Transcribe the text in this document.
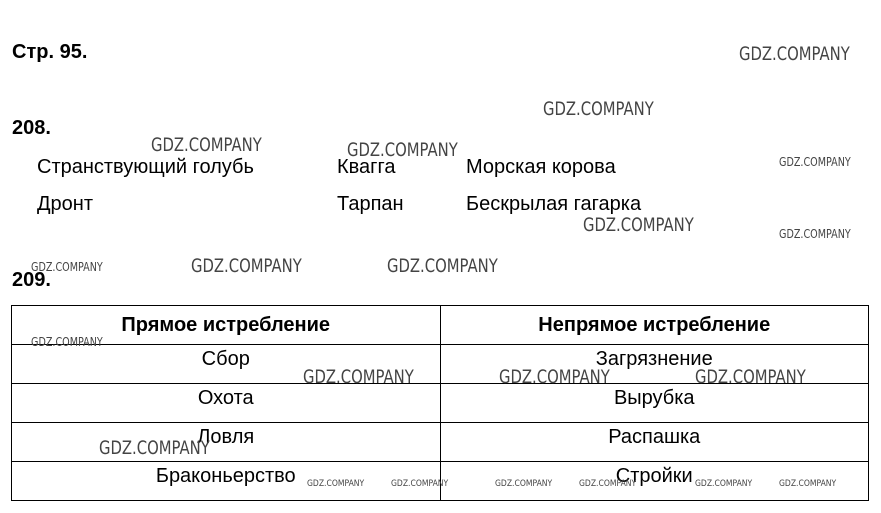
Стр. 95.
208.
Странствующий голубь	Квагга	Морская корова
Дронт	Тарпан	Бескрылая гагарка
209.
Прямое истребление	Непрямое истребление
Сбор	Загрязнение
Охота	Вырубка
Ловля	Распашка
Браконьерство	Стройки
GDZ.COMPANY
GDZ.COMPANY
GDZ.COMPANY	GDZ.COMPANY
GDZ.COMPANY
GDZ.COMPANY	GDZ.COMPANY
GDZ.COMPANY	GDZ.COMPANY	GDZ.COMPANY
GDZ.COMPANY
GDZ.COMPANY	GDZ.COMPANY	GDZ.COMPANY
GDZ.COMPANY
GDZ.COMPANY	GDZ.COMPANY	GDZ.COMPANY	GDZ.COMPANY	GDZ.COMPANY	GDZ.COMPANY
